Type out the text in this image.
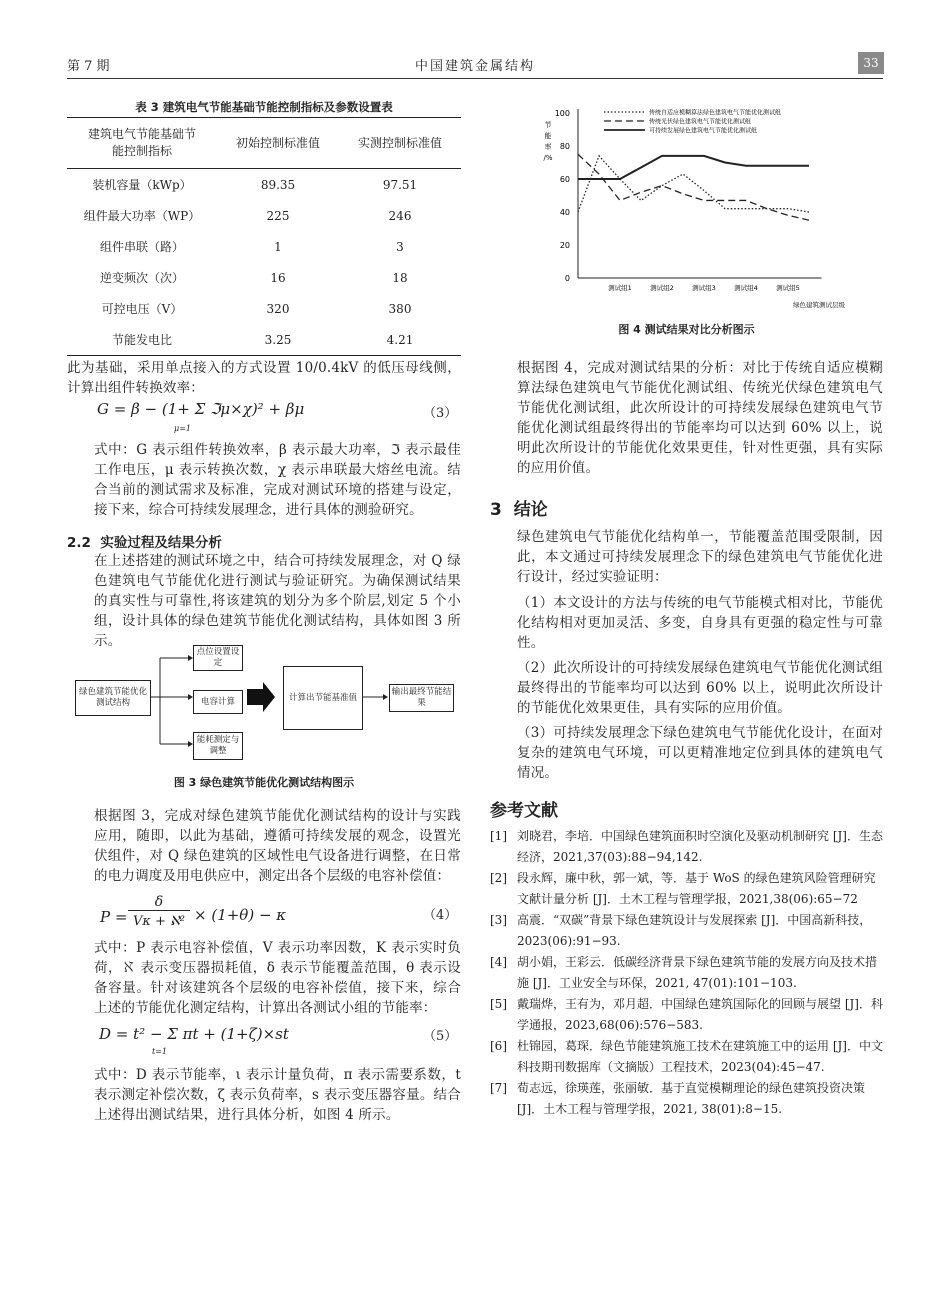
第 7 期	中国建筑金属结构	33
表 3 建筑电气节能基础节能控制指标及参数设置表
建筑电气节能基础节
能控制指标	初始控制标准值	实测控制标准值
装机容量（kWp）	89.35	97.51
组件最大功率（WP）	225	246
组件串联（路）	1	3
逆变频次（次）	16	18
可控电压（V）	320	380
节能发电比	3.25	4.21
此为基础，采用单点接入的方式设置 10/0.4kV 的低压母线侧，计算出组件转换效率：
G = β − (1+ Σ ℑμ×χ)² + βμ
μ=1
（3）
式中：G 表示组件转换效率，β 表示最大功率，ℑ 表示最佳工作电压，μ 表示转换次数，χ 表示串联最大熔丝电流。结合当前的测试需求及标准，完成对测试环境的搭建与设定，接下来，综合可持续发展理念，进行具体的测验研究。
2.2 实验过程及结果分析
在上述搭建的测试环境之中，结合可持续发展理念，对 Q 绿色建筑电气节能优化进行测试与验证研究。为确保测试结果的真实性与可靠性,将该建筑的划分为多个阶层,划定 5 个小组，设计具体的绿色建筑节能优化测试结构，具体如图 3 所示。
绿色建筑节能优化测试结构
点位设置设定
电容计算
能耗测定与调整
计算出节能基准值
输出最终节能结果
图 3 绿色建筑节能优化测试结构图示
根据图 3，完成对绿色建筑节能优化测试结构的设计与实践应用，随即，以此为基础，遵循可持续发展的观念，设置光伏组件，对 Q 绿色建筑的区域性电气设备进行调整，在日常的电力调度及用电供应中，测定出各个层级的电容补偿值：
P =
δ
Vκ + ℵ² × (1+θ) − κ	（4）
式中：P 表示电容补偿值，V 表示功率因数，K 表示实时负荷，ℵ 表示变压器损耗值，δ 表示节能覆盖范围，θ 表示设备容量。针对该建筑各个层级的电容补偿值，接下来，综合上述的节能优化测定结构，计算出各测试小组的节能率：
D = t² − Σ πt + (1+ζ)×st
t=1
（5）
式中：D 表示节能率，ι 表示计量负荷，π 表示需要系数，t 表示测定补偿次数，ζ 表示负荷率，s 表示变压器容量。结合上述得出测试结果，进行具体分析，如图 4 所示。
0
20
40
60
80
100
测试组1	测试组2	测试组3	测试组4	测试组5
节
能
率
/%
绿色建筑测试层级
传统自适应模糊算法绿色建筑电气节能优化测试组
传统光伏绿色建筑电气节能优化测试组
可持续发展绿色建筑电气节能优化测试组
图 4 测试结果对比分析图示
根据图 4，完成对测试结果的分析：对比于传统自适应模糊算法绿色建筑电气节能优化测试组、传统光伏绿色建筑电气节能优化测试组，此次所设计的可持续发展绿色建筑电气节能优化测试组最终得出的节能率均可以达到 60% 以上，说明此次所设计的节能优化效果更佳，针对性更强，具有实际的应用价值。
3 结论
绿色建筑电气节能优化结构单一，节能覆盖范围受限制，因此，本文通过可持续发展理念下的绿色建筑电气节能优化进行设计，经过实验证明：
（1）本文设计的方法与传统的电气节能模式相对比，节能优化结构相对更加灵活、多变，自身具有更强的稳定性与可靠性。
（2）此次所设计的可持续发展绿色建筑电气节能优化测试组最终得出的节能率均可以达到 60% 以上，说明此次所设计的节能优化效果更佳，具有实际的应用价值。
（3）可持续发展理念下绿色建筑电气节能优化设计，在面对复杂的建筑电气环境，可以更精准地定位到具体的建筑电气情况。
参考文献
[1] 刘晓君，李培．中国绿色建筑面积时空演化及驱动机制研究 [J]．生态经济，2021,37(03):88−94,142.
[2] 段永辉，廉中秋，郭一斌，等．基于 WoS 的绿色建筑风险管理研究文献计量分析 [J]．土木工程与管理学报，2021,38(06):65−72
[3] 高震．“双碳”背景下绿色建筑设计与发展探索 [J]．中国高新科技，2023(06):91−93.
[4] 胡小娟，王彩云．低碳经济背景下绿色建筑节能的发展方向及技术措施 [J]．工业安全与环保，2021, 47(01):101−103.
[5] 戴瑞烨，王有为，邓月超．中国绿色建筑国际化的回顾与展望 [J]．科学通报，2023,68(06):576−583.
[6] 杜锦园，葛琛．绿色节能建筑施工技术在建筑施工中的运用 [J]．中文科技期刊数据库（文摘版）工程技术，2023(04):45−47.
[7] 荀志远，徐瑛莲，张丽敏．基于直觉模糊理论的绿色建筑投资决策 [J]．土木工程与管理学报，2021, 38(01):8−15.
